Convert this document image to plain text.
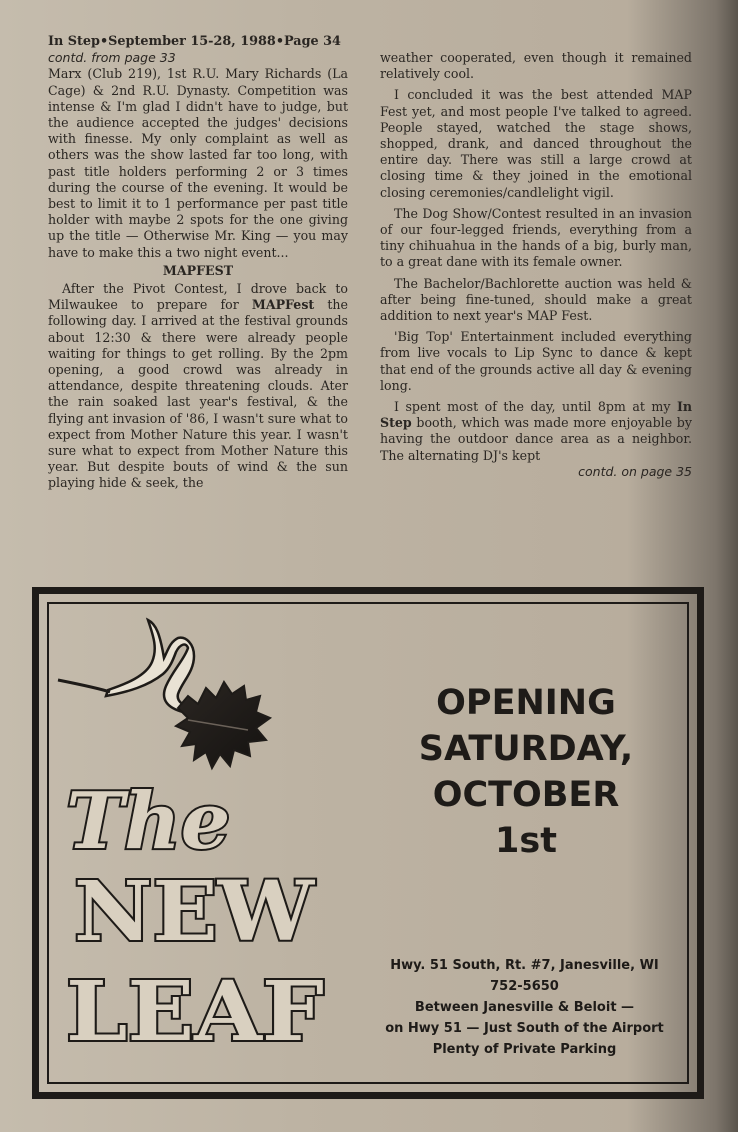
In Step•September 15-28, 1988•Page 34

contd. from page 33

Marx (Club 219), 1st R.U. Mary Richards (La Cage) & 2nd R.U. Dynasty. Competition was intense & I'm glad I didn't have to judge, but the audience accepted the judges' decisions with finesse. My only complaint as well as others was the show lasted far too long, with past title holders performing 2 or 3 times during the course of the evening. It would be best to limit it to 1 performance per past title holder with maybe 2 spots for the one giving up the title — Otherwise Mr. King — you may have to make this a two night event...

MAPFEST

After the Pivot Contest, I drove back to Milwaukee to prepare for MAPFest the following day. I arrived at the festival grounds about 12:30 & there were already people waiting for things to get rolling. By the 2pm opening, a good crowd was already in attendance, despite threatening clouds. Ater the rain soaked last year's festival, & the flying ant invasion of '86, I wasn't sure what to expect from Mother Nature this year. I wasn't sure what to expect from Mother Nature this year. But despite bouts of wind & the sun playing hide & seek, the

weather cooperated, even though it remained relatively cool.

I concluded it was the best attended MAP Fest yet, and most people I've talked to agreed. People stayed, watched the stage shows, shopped, drank, and danced throughout the entire day. There was still a large crowd at closing time & they joined in the emotional closing ceremonies/candlelight vigil.

The Dog Show/Contest resulted in an invasion of our four-legged friends, everything from a tiny chihuahua in the hands of a big, burly man, to a great dane with its female owner.

The Bachelor/Bachlorette auction was held & after being fine-tuned, should make a great addition to next year's MAP Fest.

'Big Top' Entertainment included everything from live vocals to Lip Sync to dance & kept that end of the grounds active all day & evening long.

I spent most of the day, until 8pm at my In Step booth, which was made more enjoyable by having the outdoor dance area as a neighbor. The alternating DJ's kept

contd. on page 35

The
NEW
LEAF
OPENING
SATURDAY,
OCTOBER
1st
Hwy. 51 South, Rt. #7, Janesville, WI
752-5650
Between Janesville & Beloit —
on Hwy 51 — Just South of the Airport
Plenty of Private Parking
